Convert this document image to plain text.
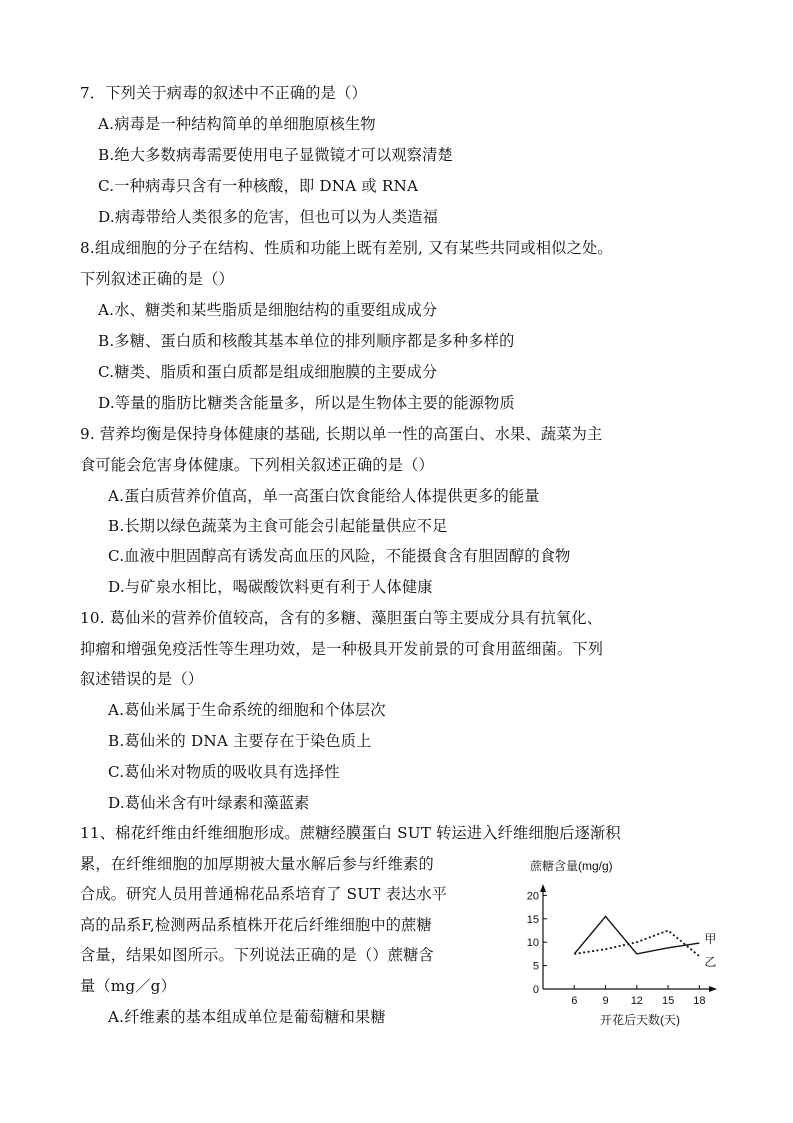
7．下列关于病毒的叙述中不正确的是（）
A.病毒是一种结构简单的单细胞原核生物
B.绝大多数病毒需要使用电子显微镜才可以观察清楚
C.一种病毒只含有一种核酸，即 DNA 或 RNA
D.病毒带给人类很多的危害，但也可以为人类造福
8.组成细胞的分子在结构、性质和功能上既有差别, 又有某些共同或相似之处。
下列叙述正确的是（）
A.水、糖类和某些脂质是细胞结构的重要组成成分
B.多糖、蛋白质和核酸其基本单位的排列顺序都是多种多样的
C.糖类、脂质和蛋白质都是组成细胞膜的主要成分
D.等量的脂肪比糖类含能量多，所以是生物体主要的能源物质
9. 营养均衡是保持身体健康的基础, 长期以单一性的高蛋白、水果、蔬菜为主
食可能会危害身体健康。下列相关叙述正确的是（）
A.蛋白质营养价值高，单一高蛋白饮食能给人体提供更多的能量
B.长期以绿色蔬菜为主食可能会引起能量供应不足
C.血液中胆固醇高有诱发高血压的风险，不能摄食含有胆固醇的食物
D.与矿泉水相比，喝碳酸饮料更有利于人体健康
10. 葛仙米的营养价值较高，含有的多糖、藻胆蛋白等主要成分具有抗氧化、
抑瘤和增强免疫活性等生理功效，是一种极具开发前景的可食用蓝细菌。下列
叙述错误的是（）
A.葛仙米属于生命系统的细胞和个体层次
B.葛仙米的 DNA 主要存在于染色质上
C.葛仙米对物质的吸收具有选择性
D.葛仙米含有叶绿素和藻蓝素
11、棉花纤维由纤维细胞形成。蔗糖经膜蛋白 SUT 转运进入纤维细胞后逐渐积
累，在纤维细胞的加厚期被大量水解后参与纤维素的
合成。研究人员用普通棉花品系培育了 SUT 表达水平
高的品系F,检测两品系植株开花后纤维细胞中的蔗糖
含量，结果如图所示。下列说法正确的是（）蔗糖含
量（mg／g）
A.纤维素的基本组成单位是葡萄糖和果糖
蔗糖含量(mg/g)
0
5
10
15
20
6 9 12 15 18
甲
乙
开花后天数(天)
